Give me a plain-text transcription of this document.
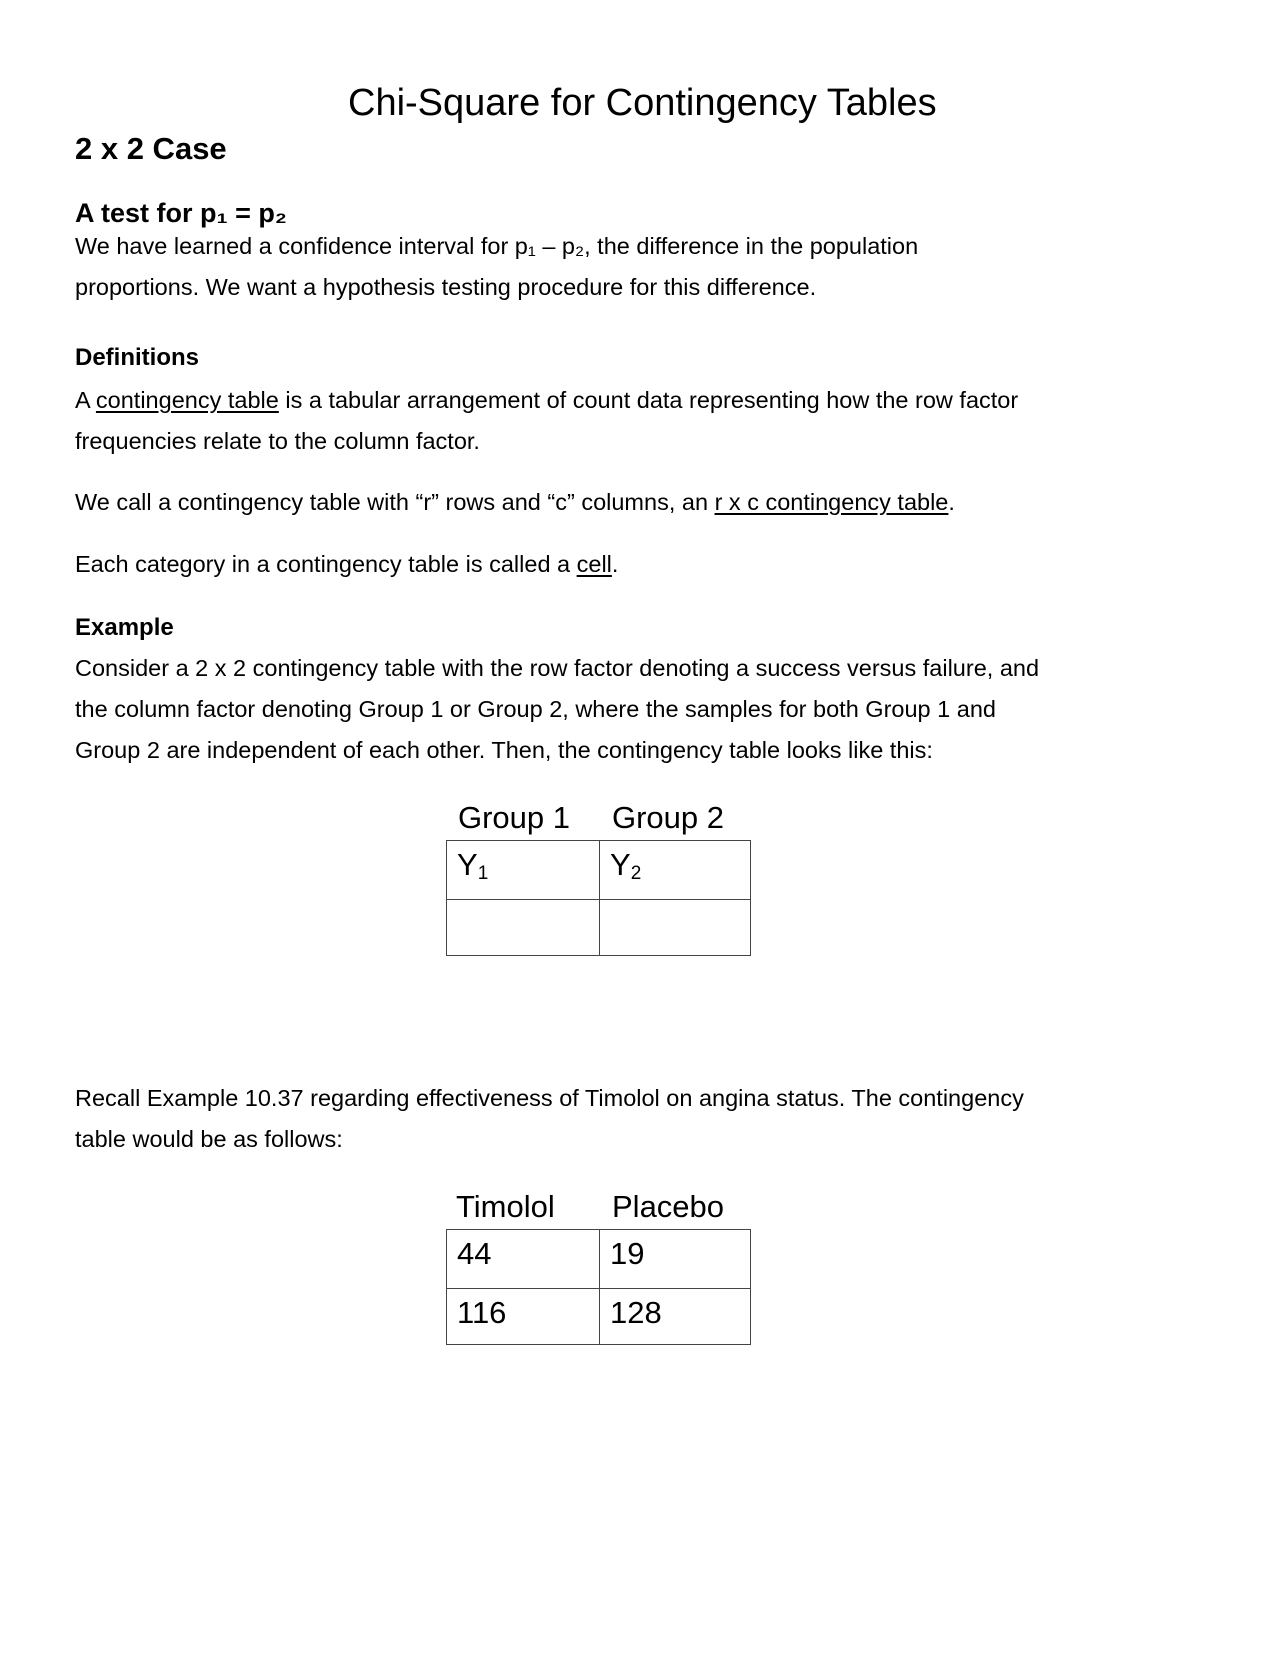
Chi-Square for Contingency Tables
2 x 2 Case
A test for p₁ = p₂

We have learned a confidence interval for p₁ – p₂, the difference in the population
proportions. We want a hypothesis testing procedure for this difference.

Definitions

A contingency table is a tabular arrangement of count data representing how the row factor
frequencies relate to the column factor.

We call a contingency table with “r” rows and “c” columns, an r x c contingency table.

Each category in a contingency table is called a cell.

Example

Consider a 2 x 2 contingency table with the row factor denoting a success versus failure, and
the column factor denoting Group 1 or Group 2, where the samples for both Group 1 and
Group 2 are independent of each other. Then, the contingency table looks like this:

Group 1 Group 2
$Y_1$	$Y_2$

Recall Example 10.37 regarding effectiveness of Timolol on angina status. The contingency
table would be as follows:

Timolol Placebo
44	19
116	128
